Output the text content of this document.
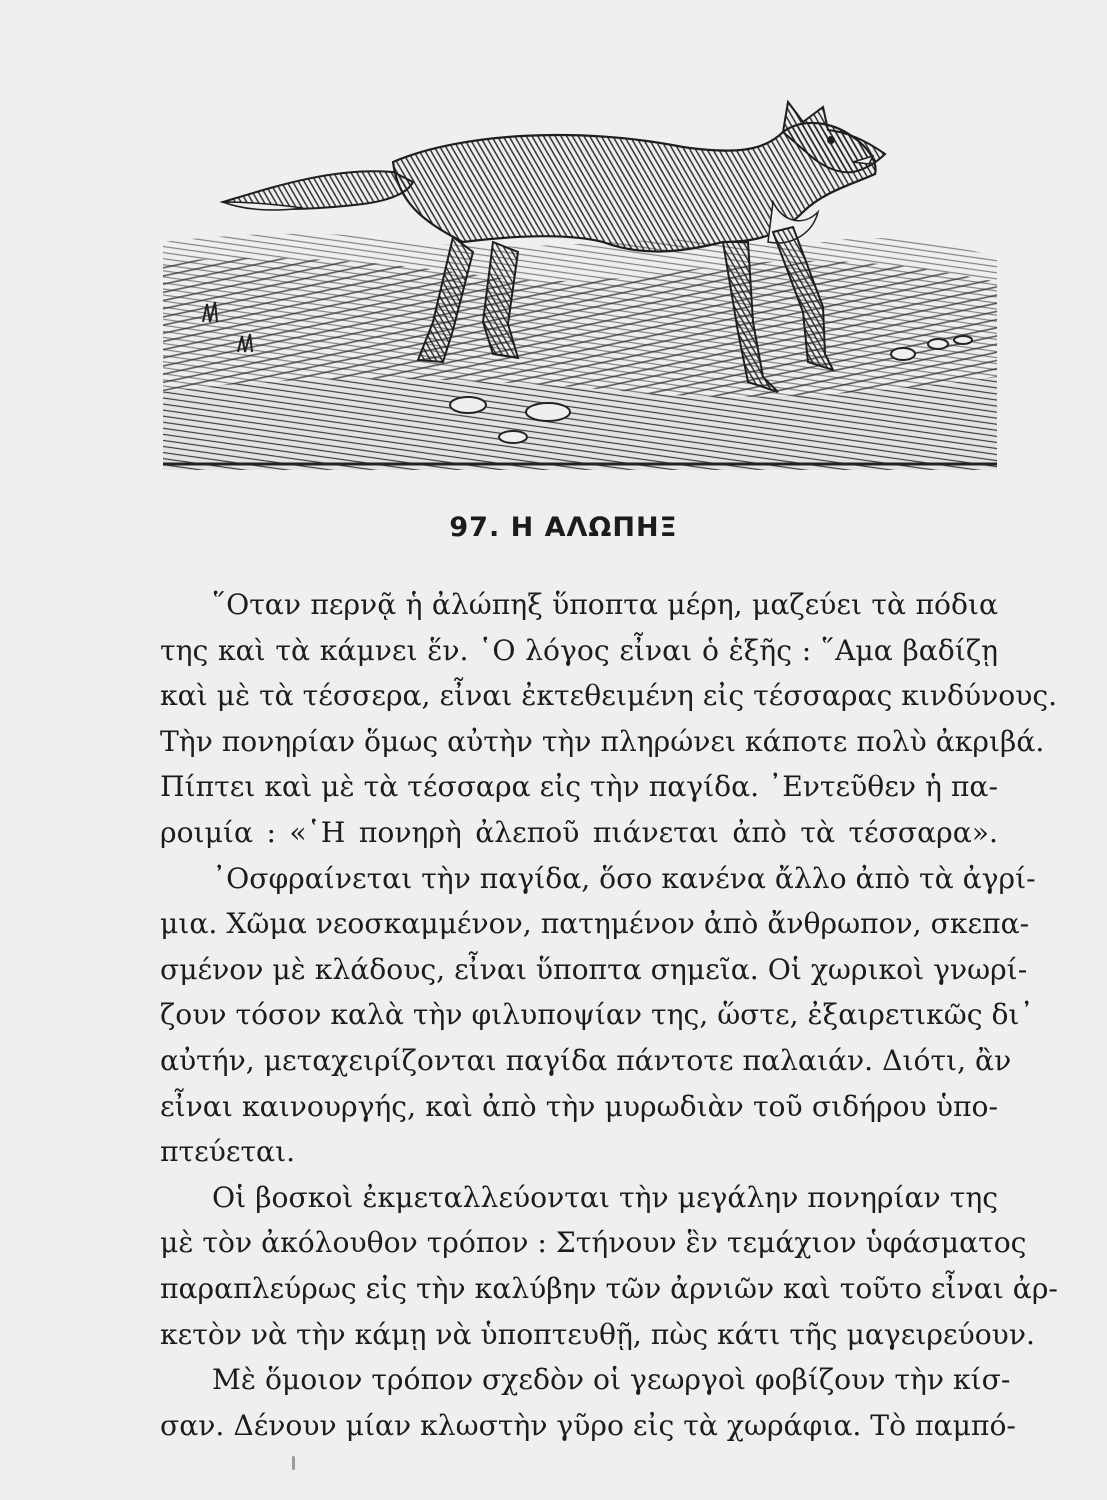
97. Η ΑΛΩΠΗΞ
῞Οταν περνᾷ ἡ ἀλώπηξ ὕποπτα μέρη, μαζεύει τὰ πόδια
της καὶ τὰ κάμνει ἕν. ῾Ο λόγος εἶναι ὁ ἑξῆς : ῞Αμα βαδίζῃ
καὶ μὲ τὰ τέσσερα, εἶναι ἐκτεθειμένη εἰς τέσσαρας κινδύνους.
Τὴν πονηρίαν ὅμως αὐτὴν τὴν πληρώνει κάποτε πολὺ ἀκριβά.
Πίπτει καὶ μὲ τὰ τέσσαρα εἰς τὴν παγίδα. ᾿Εντεῦθεν ἡ πα-
ροιμία : «῾Η πονηρὴ ἀλεποῦ πιάνεται ἀπὸ τὰ τέσσαρα».
᾿Οσφραίνεται τὴν παγίδα, ὅσο κανένα ἄλλο ἀπὸ τὰ ἀγρί-
μια. Χῶμα νεοσκαμμένον, πατημένον ἀπὸ ἄνθρωπον, σκεπα-
σμένον μὲ κλάδους, εἶναι ὕποπτα σημεῖα. Οἱ χωρικοὶ γνωρί-
ζουν τόσον καλὰ τὴν φιλυποψίαν της, ὥστε, ἐξαιρετικῶς δι᾿
αὐτήν, μεταχειρίζονται παγίδα πάντοτε παλαιάν. Διότι, ἂν
εἶναι καινουργής, καὶ ἀπὸ τὴν μυρωδιὰν τοῦ σιδήρου ὑπο-
πτεύεται.
Οἱ βοσκοὶ ἐκμεταλλεύονται τὴν μεγάλην πονηρίαν της
μὲ τὸν ἀκόλουθον τρόπον : Στήνουν ἓν τεμάχιον ὑφάσματος
παραπλεύρως εἰς τὴν καλύβην τῶν ἀρνιῶν καὶ τοῦτο εἶναι ἀρ-
κετὸν νὰ τὴν κάμῃ νὰ ὑποπτευθῇ, πὼς κάτι τῆς μαγειρεύουν.
Μὲ ὅμοιον τρόπον σχεδὸν οἱ γεωργοὶ φοβίζουν τὴν κίσ-
σαν. Δένουν μίαν κλωστὴν γῦρο εἰς τὰ χωράφια. Τὸ παμπό-
